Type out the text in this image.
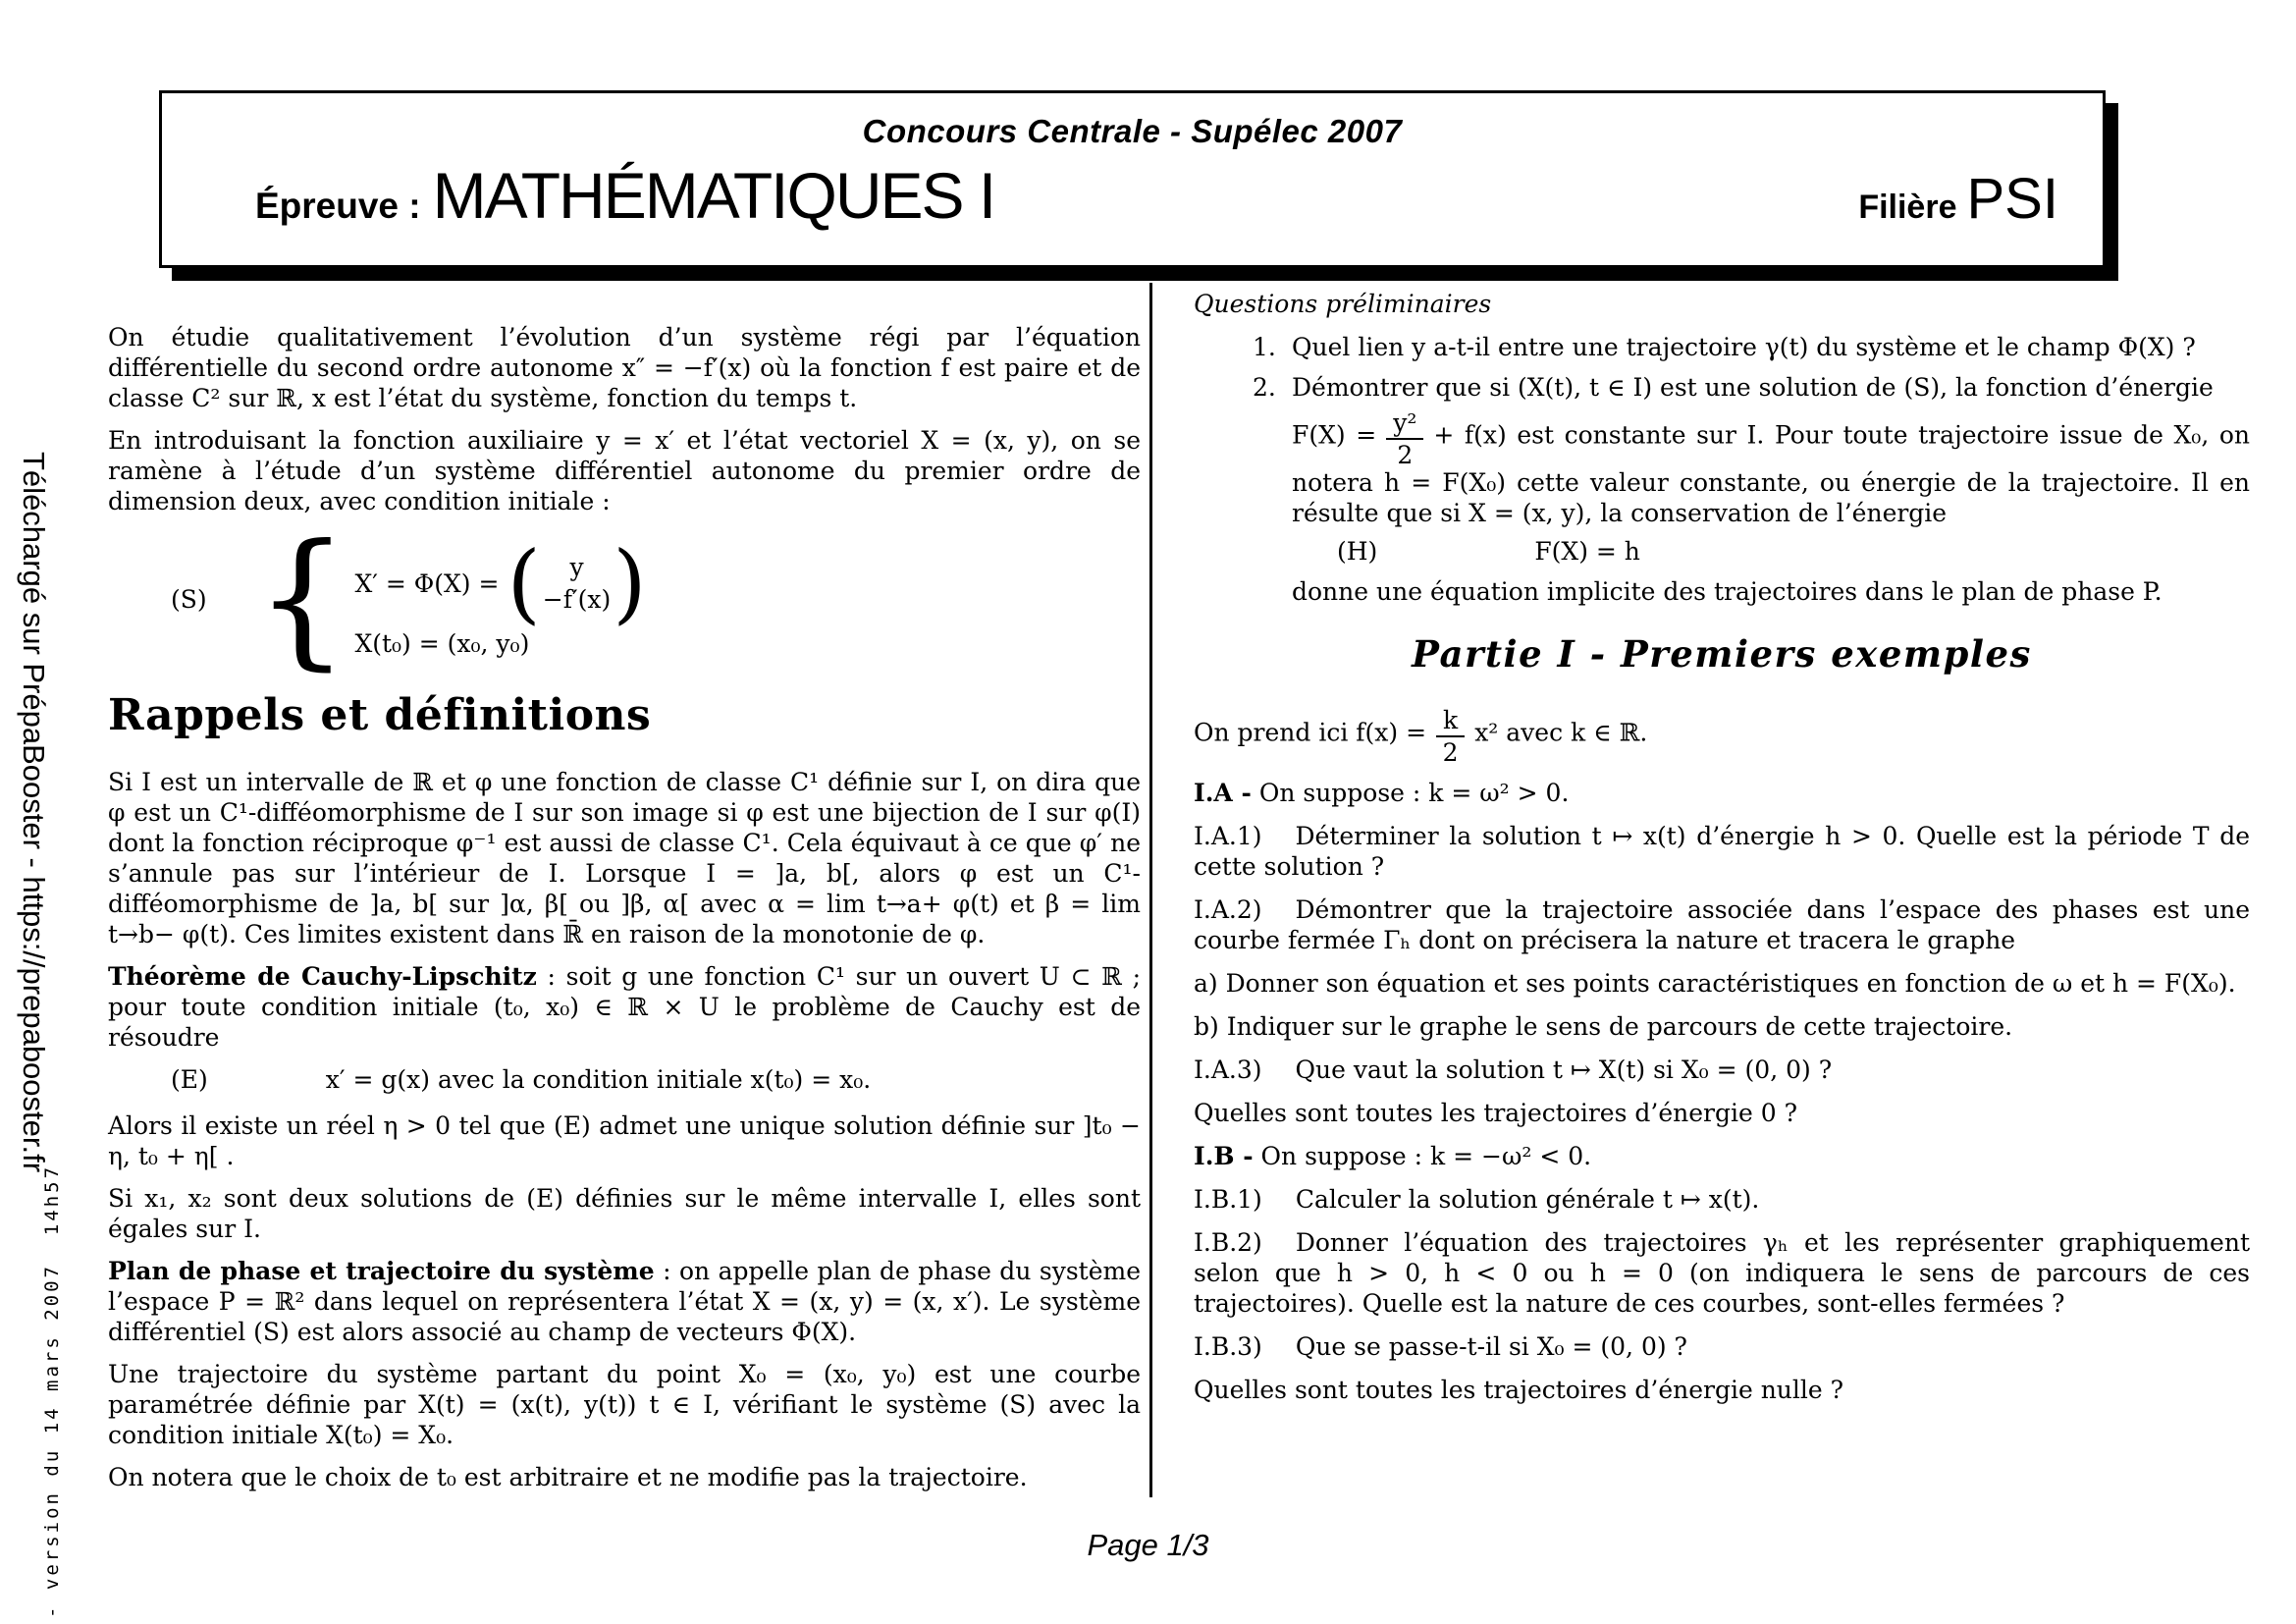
Téléchargé sur PrépaBooster - https://prepabooster.fr
- version du 14 mars 2007  14h57
Concours Centrale - Supélec 2007
Épreuve : MATHÉMATIQUES I	Filière PSI

On étudie qualitativement l’évolution d’un système régi par l’équation différentielle du second ordre autonome x″ = −f′(x) où la fonction f est paire et de classe C² sur ℝ, x est l’état du système, fonction du temps t.

En introduisant la fonction auxiliaire y = x′ et l’état vectoriel X = (x, y), on se ramène à l’étude d’un système différentiel autonome du premier ordre de dimension deux, avec condition initiale :

(S)
{
X′ = Φ(X) =
(
y
−f′(x)
)
X(t₀) = (x₀, y₀)
Rappels et définitions

Si I est un intervalle de ℝ et φ une fonction de classe C¹ définie sur I, on dira que φ est un C¹-difféomorphisme de I sur son image si φ est une bijection de I sur φ(I) dont la fonction réciproque φ⁻¹ est aussi de classe C¹. Cela équivaut à ce que φ′ ne s’annule pas sur l’intérieur de I. Lorsque I = ]a, b[, alors φ est un C¹-difféomorphisme de ]a, b[ sur ]α, β[ ou ]β, α[ avec α = lim t→a+ φ(t) et β = lim t→b− φ(t). Ces limites existent dans ℝ̄ en raison de la monotonie de φ.

Théorème de Cauchy-Lipschitz : soit g une fonction C¹ sur un ouvert U ⊂ ℝ ; pour toute condition initiale (t₀, x₀) ∈ ℝ × U le problème de Cauchy est de résoudre

(E)	x′ = g(x) avec la condition initiale x(t₀) = x₀.

Alors il existe un réel η > 0 tel que (E) admet une unique solution définie sur ]t₀ − η, t₀ + η[ .

Si x₁, x₂ sont deux solutions de (E) définies sur le même intervalle I, elles sont égales sur I.

Plan de phase et trajectoire du système : on appelle plan de phase du système l’espace P = ℝ² dans lequel on représentera l’état X = (x, y) = (x, x′). Le système différentiel (S) est alors associé au champ de vecteurs Φ(X).

Une trajectoire du système partant du point X₀ = (x₀, y₀) est une courbe paramétrée définie par X(t) = (x(t), y(t)) t ∈ I, vérifiant le système (S) avec la condition initiale X(t₀) = X₀.

On notera que le choix de t₀ est arbitraire et ne modifie pas la trajectoire.

Questions préliminaires

1. Quel lien y a-t-il entre une trajectoire γ(t) du système et le champ Φ(X) ?
2. Démontrer que si (X(t), t ∈ I) est une solution de (S), la fonction d’énergie

$F(X) = \frac{\text{y²}}{2} + f(x)$ est constante sur I. Pour toute trajectoire issue de X₀, on notera h = F(X₀) cette valeur constante, ou énergie de la trajectoire. Il en résulte que si X = (x, y), la conservation de l’énergie

(H)	F(X) = h

donne une équation implicite des trajectoires dans le plan de phase P.

Partie I - Premiers exemples

On prend ici $f(x) = \frac{k}{2} x^2$ avec k ∈ ℝ.

I.A - On suppose : k = ω² > 0.

I.A.1) Déterminer la solution t ↦ x(t) d’énergie h > 0. Quelle est la période T de cette solution ?

I.A.2) Démontrer que la trajectoire associée dans l’espace des phases est une courbe fermée Γₕ dont on précisera la nature et tracera le graphe

a) Donner son équation et ses points caractéristiques en fonction de ω et h = F(X₀).

b) Indiquer sur le graphe le sens de parcours de cette trajectoire.

I.A.3) Que vaut la solution t ↦ X(t) si X₀ = (0, 0) ?

Quelles sont toutes les trajectoires d’énergie 0 ?

I.B - On suppose : k = −ω² < 0.

I.B.1) Calculer la solution générale t ↦ x(t).

I.B.2) Donner l’équation des trajectoires γₕ et les représenter graphiquement selon que h > 0, h < 0 ou h = 0 (on indiquera le sens de parcours de ces trajectoires). Quelle est la nature de ces courbes, sont-elles fermées ?

I.B.3) Que se passe-t-il si X₀ = (0, 0) ?

Quelles sont toutes les trajectoires d’énergie nulle ?

Page 1/3
